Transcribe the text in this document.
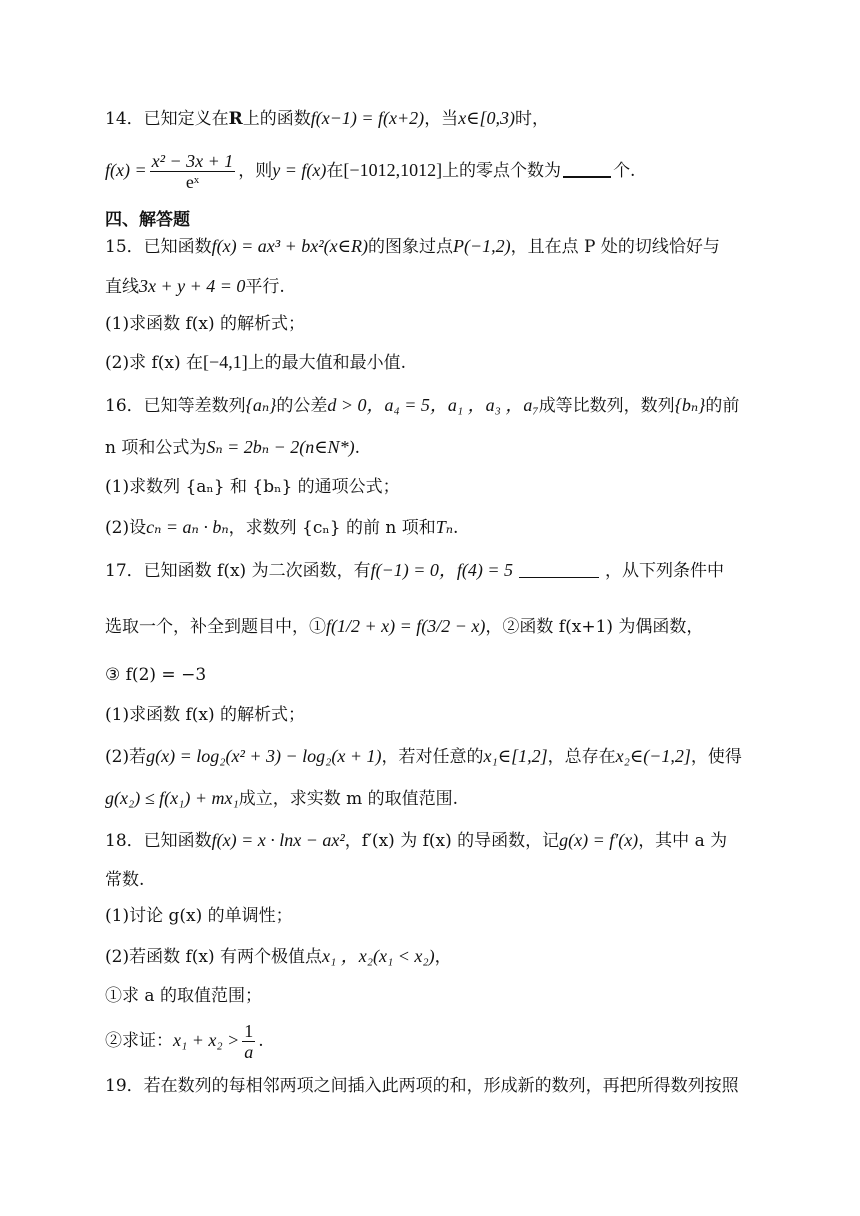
14．已知定义在R上的函数f(x−1) = f(x+2)，当x∈[0,3)时，
$f(x) = \frac{\text{x² − 3x + 1}}{\text{eˣ}}$ ，则y = f(x)在[−1012,1012]上的零点个数为	个.
四、解答题
15．已知函数f(x) = ax³ + bx²(x∈R)的图象过点P(−1,2)，且在点 P 处的切线恰好与
直线3x + y + 4 = 0平行.
(1)求函数 f(x) 的解析式；
(2)求 f(x) 在[−4,1]上的最大值和最小值.
16．已知等差数列{aₙ}的公差d > 0，a₄ = 5，a₁ ，a₃ ，a₇成等比数列，数列{bₙ}的前
n 项和公式为Sₙ = 2bₙ − 2(n∈N*).
(1)求数列 {aₙ} 和 {bₙ} 的通项公式；
(2)设cₙ = aₙ · bₙ，求数列 {cₙ} 的前 n 项和Tₙ.
17．已知函数 f(x) 为二次函数，有f(−1) = 0，f(4) = 5	，从下列条件中
选取一个，补全到题目中，①f(1/2 + x) = f(3/2 − x)，②函数 f(x+1) 为偶函数，
③ f(2) = −3
(1)求函数 f(x) 的解析式；
(2)若g(x) = log₂(x² + 3) − log₂(x + 1)，若对任意的x₁∈[1,2]，总存在x₂∈(−1,2]，使得
g(x₂) ≤ f(x₁) + mx₁成立，求实数 m 的取值范围.
18．已知函数f(x) = x · lnx − ax²，f′(x) 为 f(x) 的导函数，记g(x) = f′(x)，其中 a 为
常数.
(1)讨论 g(x) 的单调性；
(2)若函数 f(x) 有两个极值点x₁ ，x₂(x₁ < x₂)，
①求 a 的取值范围；
②求证：$x_1 + x_2 > \frac{1}{a}$ .
19．若在数列的每相邻两项之间插入此两项的和，形成新的数列，再把所得数列按照
